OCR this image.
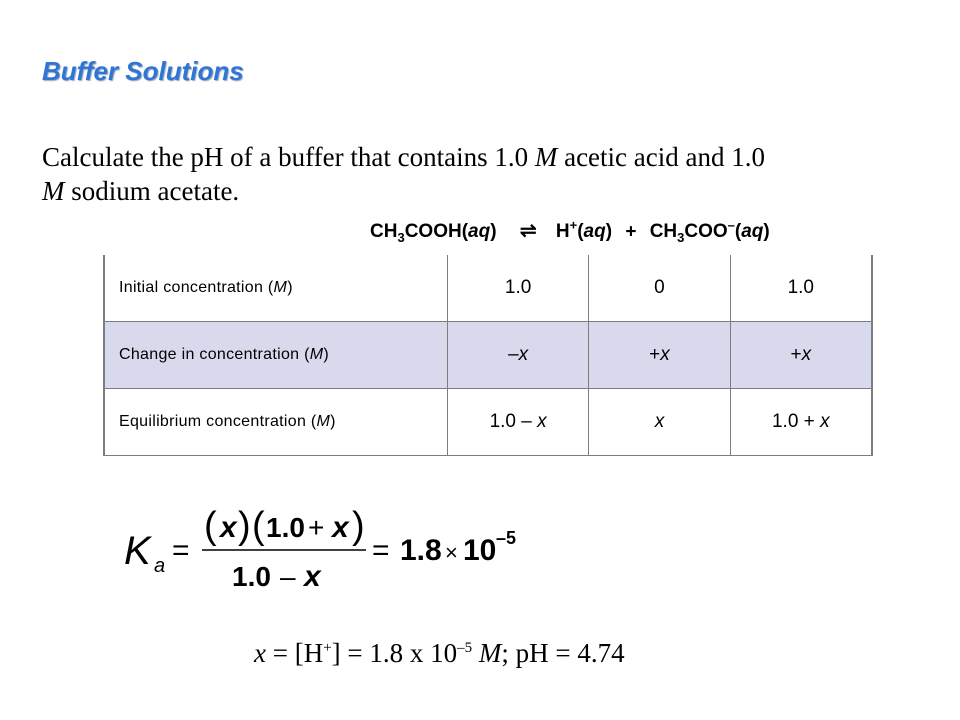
Buffer Solutions
Calculate the pH of a buffer that contains 1.0 M acetic acid and 1.0
M sodium acetate.
$CH_3COOH(aq)$ ⇌ $H^+(aq) + CH_3COO^-(aq)$
Initial concentration (M)	1.0	0	1.0
Change in concentration (M)	–x	+x	+x
Equilibrium concentration (M)	1.0 – x	x	1.0 + x
K a =
( x ) ( 1.0 + x )
1.0 – x
= 1.8 × 10 –5
x = [H+] = 1.8 x $10^{-5}$ M; pH = 4.74
